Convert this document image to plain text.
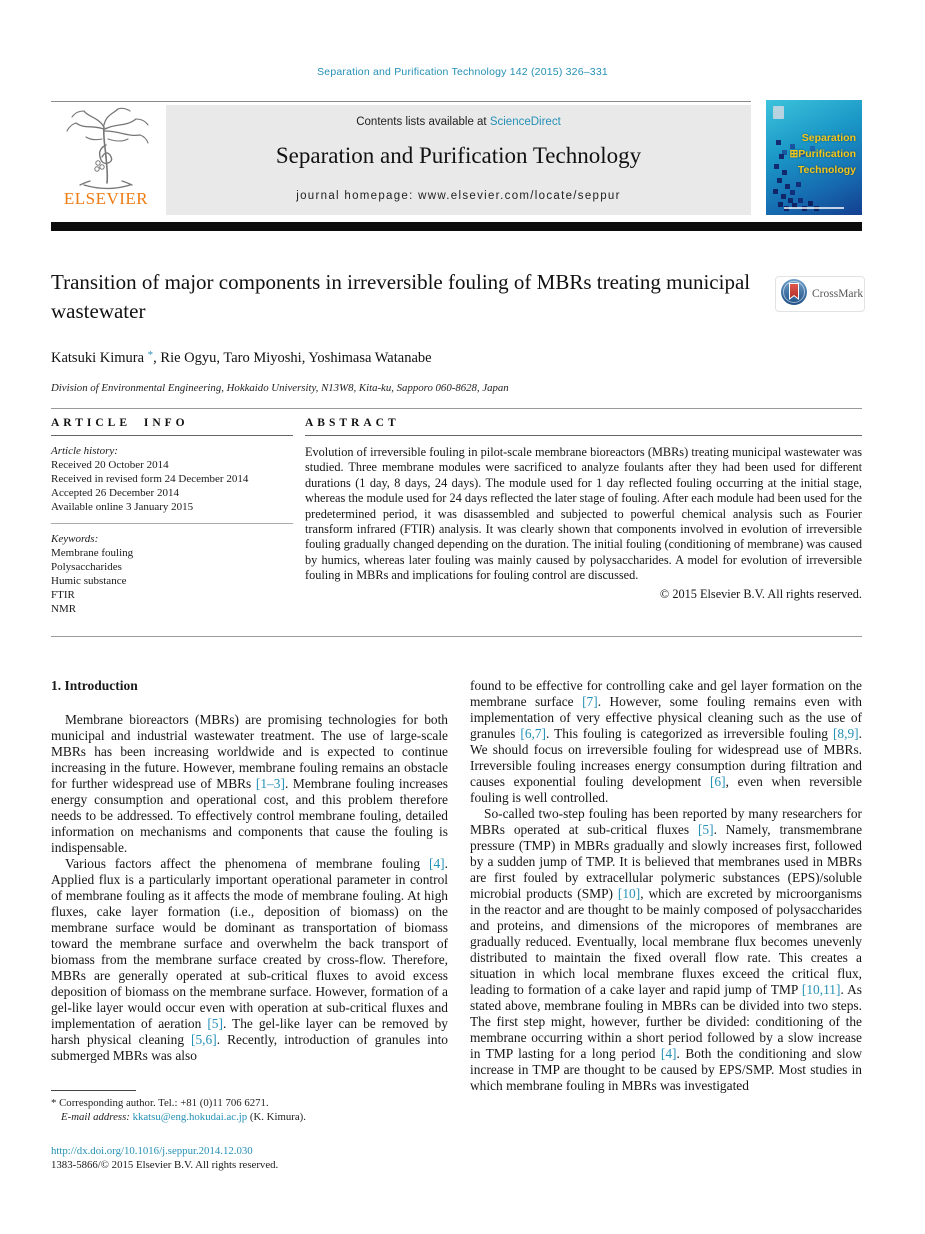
Separation and Purification Technology 142 (2015) 326–331
ELSEVIER
Contents lists available at ScienceDirect
Separation and Purification Technology
journal homepage: www.elsevier.com/locate/seppur
Separation
⊞Purification
Technology
Transition of major components in irreversible fouling of MBRs treating municipal wastewater
CrossMark
Katsuki Kimura *, Rie Ogyu, Taro Miyoshi, Yoshimasa Watanabe
Division of Environmental Engineering, Hokkaido University, N13W8, Kita-ku, Sapporo 060-8628, Japan
ARTICLE INFO
Article history:
Received 20 October 2014
Received in revised form 24 December 2014
Accepted 26 December 2014
Available online 3 January 2015
Keywords:
Membrane fouling
Polysaccharides
Humic substance
FTIR
NMR
ABSTRACT
Evolution of irreversible fouling in pilot-scale membrane bioreactors (MBRs) treating municipal wastewater was studied. Three membrane modules were sacrificed to analyze foulants after they had been used for different durations (1 day, 8 days, 24 days). The module used for 1 day reflected fouling occurring at the initial stage, whereas the module used for 24 days reflected the later stage of fouling. After each module had been used for the predetermined period, it was disassembled and subjected to powerful chemical analysis such as Fourier transform infrared (FTIR) analysis. It was clearly shown that components involved in evolution of irreversible fouling gradually changed depending on the duration. The initial fouling (conditioning of membrane) was caused by humics, whereas later fouling was mainly caused by polysaccharides. A model for evolution of irreversible fouling in MBRs and implications for fouling control are discussed.
© 2015 Elsevier B.V. All rights reserved.
1. Introduction

Membrane bioreactors (MBRs) are promising technologies for both municipal and industrial wastewater treatment. The use of large-scale MBRs has been increasing worldwide and is expected to continue increasing in the future. However, membrane fouling remains an obstacle for further widespread use of MBRs [1–3]. Membrane fouling increases energy consumption and operational cost, and this problem therefore needs to be addressed. To effectively control membrane fouling, detailed information on mechanisms and components that cause the fouling is indispensable.

Various factors affect the phenomena of membrane fouling [4]. Applied flux is a particularly important operational parameter in control of membrane fouling as it affects the mode of membrane fouling. At high fluxes, cake layer formation (i.e., deposition of biomass) on the membrane surface would be dominant as transportation of biomass toward the membrane surface and overwhelm the back transport of biomass from the membrane surface created by cross-flow. Therefore, MBRs are generally operated at sub-critical fluxes to avoid excess deposition of biomass on the membrane surface. However, formation of a gel-like layer would occur even with operation at sub-critical fluxes and implementation of aeration [5]. The gel-like layer can be removed by harsh physical cleaning [5,6]. Recently, introduction of granules into submerged MBRs was also

found to be effective for controlling cake and gel layer formation on the membrane surface [7]. However, some fouling remains even with implementation of very effective physical cleaning such as the use of granules [6,7]. This fouling is categorized as irreversible fouling [8,9]. We should focus on irreversible fouling for widespread use of MBRs. Irreversible fouling increases energy consumption during filtration and causes exponential fouling development [6], even when reversible fouling is well controlled.

So-called two-step fouling has been reported by many researchers for MBRs operated at sub-critical fluxes [5]. Namely, transmembrane pressure (TMP) in MBRs gradually and slowly increases first, followed by a sudden jump of TMP. It is believed that membranes used in MBRs are first fouled by extracellular polymeric substances (EPS)/soluble microbial products (SMP) [10], which are excreted by microorganisms in the reactor and are thought to be mainly composed of polysaccharides and proteins, and dimensions of the micropores of membranes are gradually reduced. Eventually, local membrane flux becomes unevenly distributed to maintain the fixed overall flow rate. This creates a situation in which local membrane fluxes exceed the critical flux, leading to formation of a cake layer and rapid jump of TMP [10,11]. As stated above, membrane fouling in MBRs can be divided into two steps. The first step might, however, further be divided: conditioning of the membrane occurring within a short period followed by a slow increase in TMP lasting for a long period [4]. Both the conditioning and slow increase in TMP are thought to be caused by EPS/SMP. Most studies in which membrane fouling in MBRs was investigated

* Corresponding author. Tel.: +81 (0)11 706 6271.
E-mail address: kkatsu@eng.hokudai.ac.jp (K. Kimura).
http://dx.doi.org/10.1016/j.seppur.2014.12.030
1383-5866/© 2015 Elsevier B.V. All rights reserved.
